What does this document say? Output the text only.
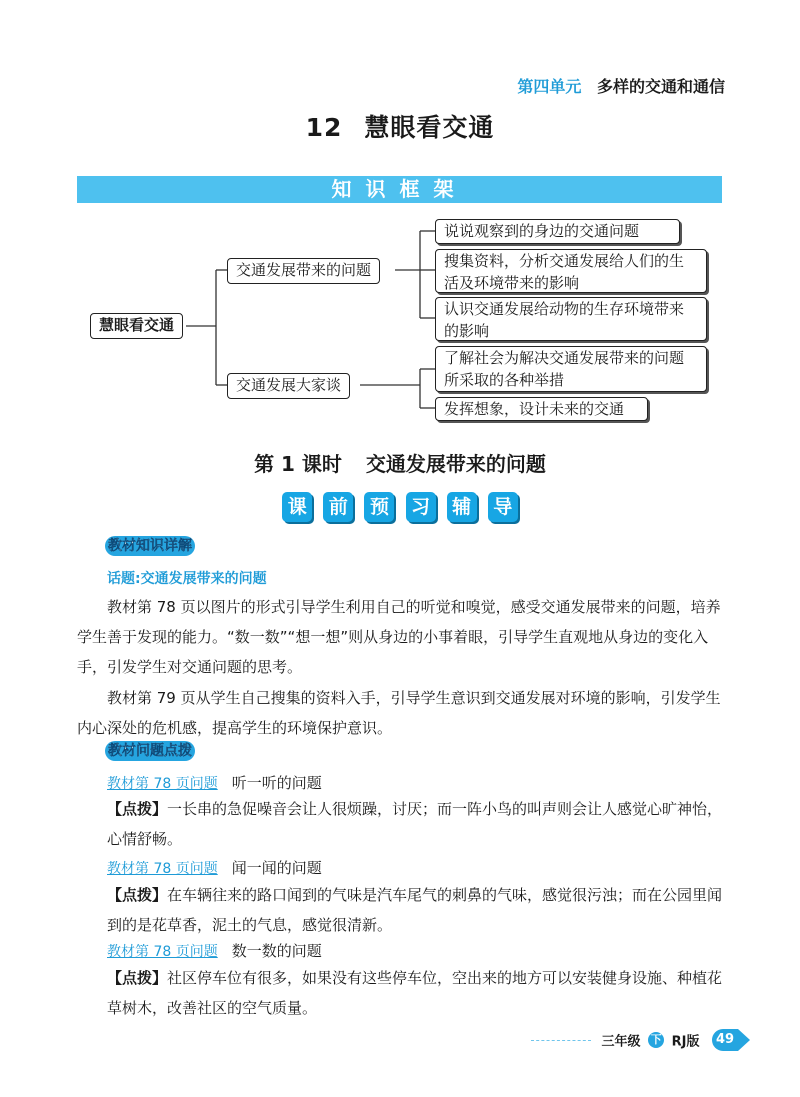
第四单元 多样的交通和通信
12 慧眼看交通
知识框架
慧眼看交通
交通发展带来的问题
交通发展大家谈
说说观察到的身边的交通问题
搜集资料，分析交通发展给人们的生活及环境带来的影响
认识交通发展给动物的生存环境带来的影响
了解社会为解决交通发展带来的问题所采取的各种举措
发挥想象，设计未来的交通
第 1 课时 交通发展带来的问题
课 前 预 习 辅 导
教材知识详解
话题:交通发展带来的问题
教材第 78 页以图片的形式引导学生利用自己的听觉和嗅觉，感受交通发展带来的问题，培养学生善于发现的能力。“数一数”“想一想”则从身边的小事着眼，引导学生直观地从身边的变化入手，引发学生对交通问题的思考。
教材第 79 页从学生自己搜集的资料入手，引导学生意识到交通发展对环境的影响，引发学生内心深处的危机感，提高学生的环境保护意识。
教材问题点拨
教材第 78 页问题 听一听的问题
【点拨】一长串的急促噪音会让人很烦躁，讨厌；而一阵小鸟的叫声则会让人感觉心旷神怡，心情舒畅。
教材第 78 页问题 闻一闻的问题
【点拨】在车辆往来的路口闻到的气味是汽车尾气的刺鼻的气味，感觉很污浊；而在公园里闻到的是花草香，泥土的气息，感觉很清新。
教材第 78 页问题 数一数的问题
【点拨】社区停车位有很多，如果没有这些停车位，空出来的地方可以安装健身设施、种植花草树木，改善社区的空气质量。
三年级 下 RJ版 49
